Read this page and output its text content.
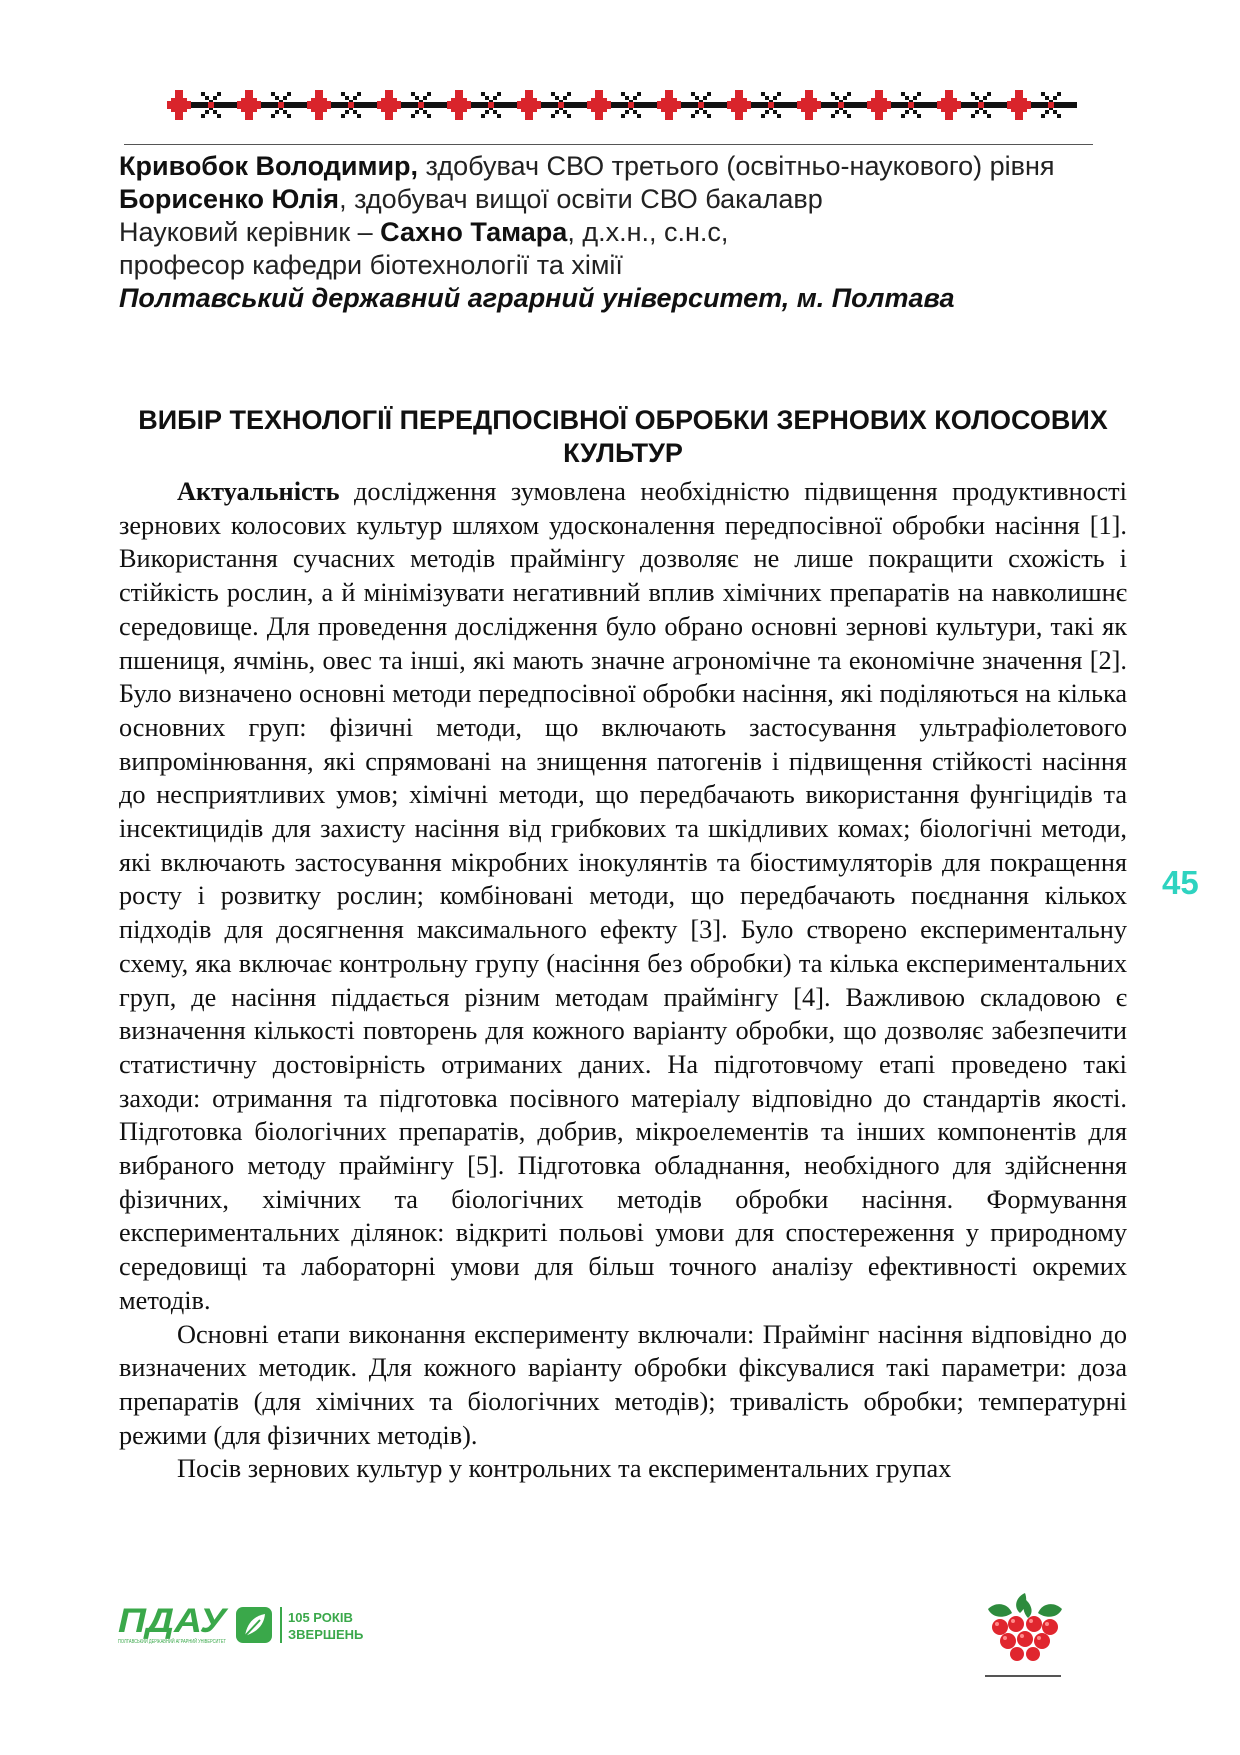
Кривобок Володимир, здобувач СВО третього (освітньо-наукового) рівня

Борисенко Юлія, здобувач вищої освіти СВО бакалавр

Науковий керівник – Сахно Тамара, д.х.н., с.н.с,

професор кафедри біотехнології та хімії

Полтавський державний аграрний університет, м. Полтава

ВИБІР ТЕХНОЛОГІЇ ПЕРЕДПОСІВНОЇ ОБРОБКИ ЗЕРНОВИХ КОЛОСОВИХ КУЛЬТУР

Актуальність дослідження зумовлена необхідністю підвищення продуктивності зернових колосових культур шляхом удосконалення передпосівної обробки насіння [1]. Використання сучасних методів праймінгу дозволяє не лише покращити схожість і стійкість рослин, а й мінімізувати негативний вплив хімічних препаратів на навколишнє середовище. Для проведення дослідження було обрано основні зернові культури, такі як пшениця, ячмінь, овес та інші, які мають значне агрономічне та економічне значення [2]. Було визначено основні методи передпосівної обробки насіння, які поділяються на кілька основних груп: фізичні методи, що включають застосування ультрафіолетового випромінювання, які спрямовані на знищення патогенів і підвищення стійкості насіння до несприятливих умов; хімічні методи, що передбачають використання фунгіцидів та інсектицидів для захисту насіння від грибкових та шкідливих комах; біологічні методи, які включають застосування мікробних інокулянтів та біостимуляторів для покращення росту і розвитку рослин; комбіновані методи, що передбачають поєднання кількох підходів для досягнення максимального ефекту [3]. Було створено експериментальну схему, яка включає контрольну групу (насіння без обробки) та кілька експериментальних груп, де насіння піддається різним методам праймінгу [4]. Важливою складовою є визначення кількості повторень для кожного варіанту обробки, що дозволяє забезпечити статистичну достовірність отриманих даних. На підготовчому етапі проведено такі заходи: отримання та підготовка посівного матеріалу відповідно до стандартів якості. Підготовка біологічних препаратів, добрив, мікроелементів та інших компонентів для вибраного методу праймінгу [5]. Підготовка обладнання, необхідного для здійснення фізичних, хімічних та біологічних методів обробки насіння. Формування експериментальних ділянок: відкриті польові умови для спостереження у природному середовищі та лабораторні умови для більш точного аналізу ефективності окремих методів.

Основні етапи виконання експерименту включали: Праймінг насіння відповідно до визначених методик. Для кожного варіанту обробки фіксувалися такі параметри: доза препаратів (для хімічних та біологічних методів); тривалість обробки; температурні режими (для фізичних методів).

Посів зернових культур у контрольних та експериментальних групах

45
ПДАУ
ПОЛТАВСЬКИЙ ДЕРЖАВНИЙ АГРАРНИЙ УНІВЕРСИТЕТ
105 РОКІВ
ЗВЕРШЕНЬ
